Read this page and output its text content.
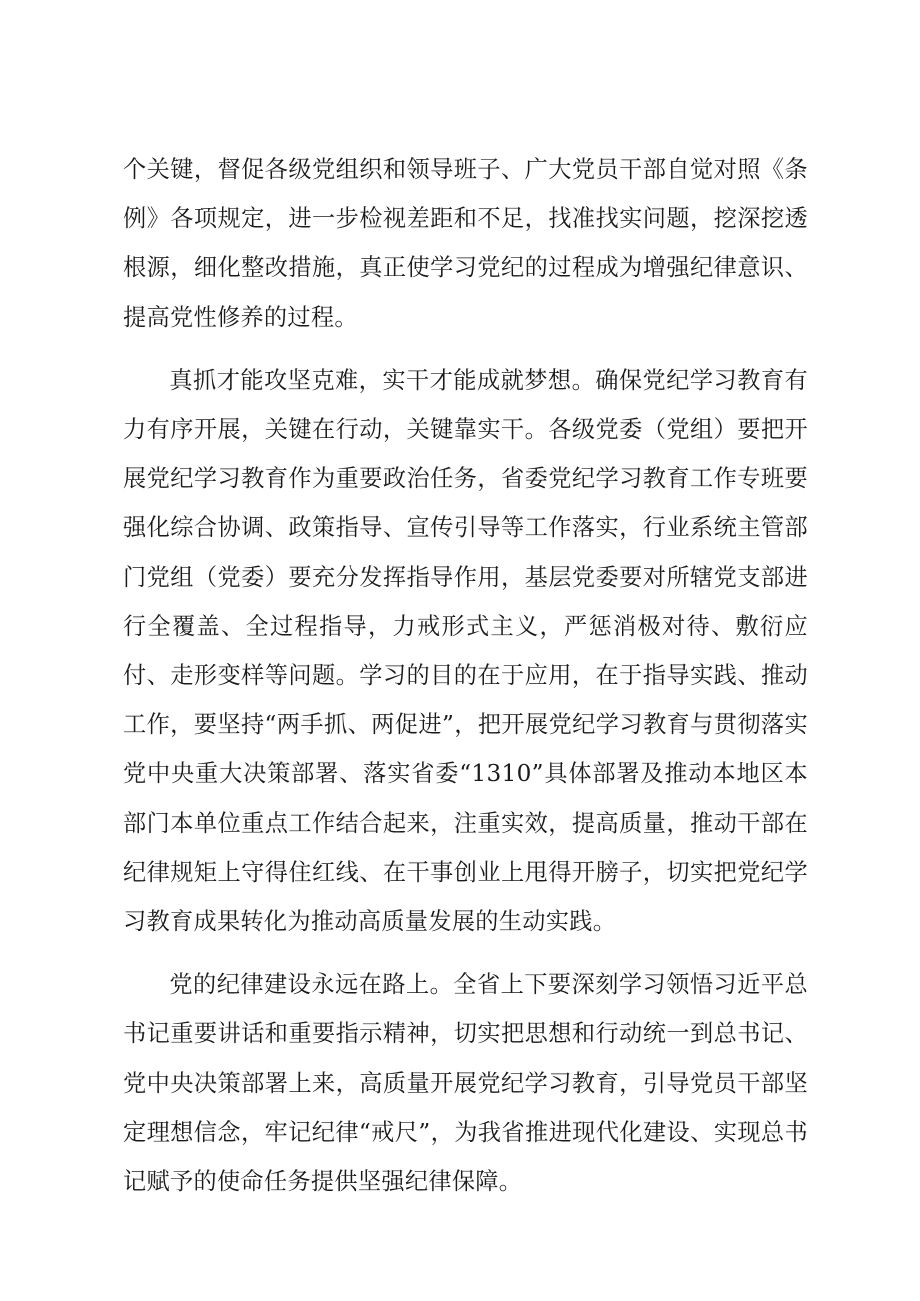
个关键，督促各级党组织和领导班子、广大党员干部自觉对照《条例》各项规定，进一步检视差距和不足，找准找实问题，挖深挖透根源，细化整改措施，真正使学习党纪的过程成为增强纪律意识、提高党性修养的过程。

真抓才能攻坚克难，实干才能成就梦想。确保党纪学习教育有力有序开展，关键在行动，关键靠实干。各级党委（党组）要把开展党纪学习教育作为重要政治任务，省委党纪学习教育工作专班要强化综合协调、政策指导、宣传引导等工作落实，行业系统主管部门党组（党委）要充分发挥指导作用，基层党委要对所辖党支部进行全覆盖、全过程指导，力戒形式主义，严惩消极对待、敷衍应付、走形变样等问题。学习的目的在于应用，在于指导实践、推动工作，要坚持“两手抓、两促进”，把开展党纪学习教育与贯彻落实党中央重大决策部署、落实省委“1310”具体部署及推动本地区本部门本单位重点工作结合起来，注重实效，提高质量，推动干部在纪律规矩上守得住红线、在干事创业上甩得开膀子，切实把党纪学习教育成果转化为推动高质量发展的生动实践。

党的纪律建设永远在路上。全省上下要深刻学习领悟习近平总书记重要讲话和重要指示精神，切实把思想和行动统一到总书记、党中央决策部署上来，高质量开展党纪学习教育，引导党员干部坚定理想信念，牢记纪律“戒尺”，为我省推进现代化建设、实现总书记赋予的使命任务提供坚强纪律保障。
